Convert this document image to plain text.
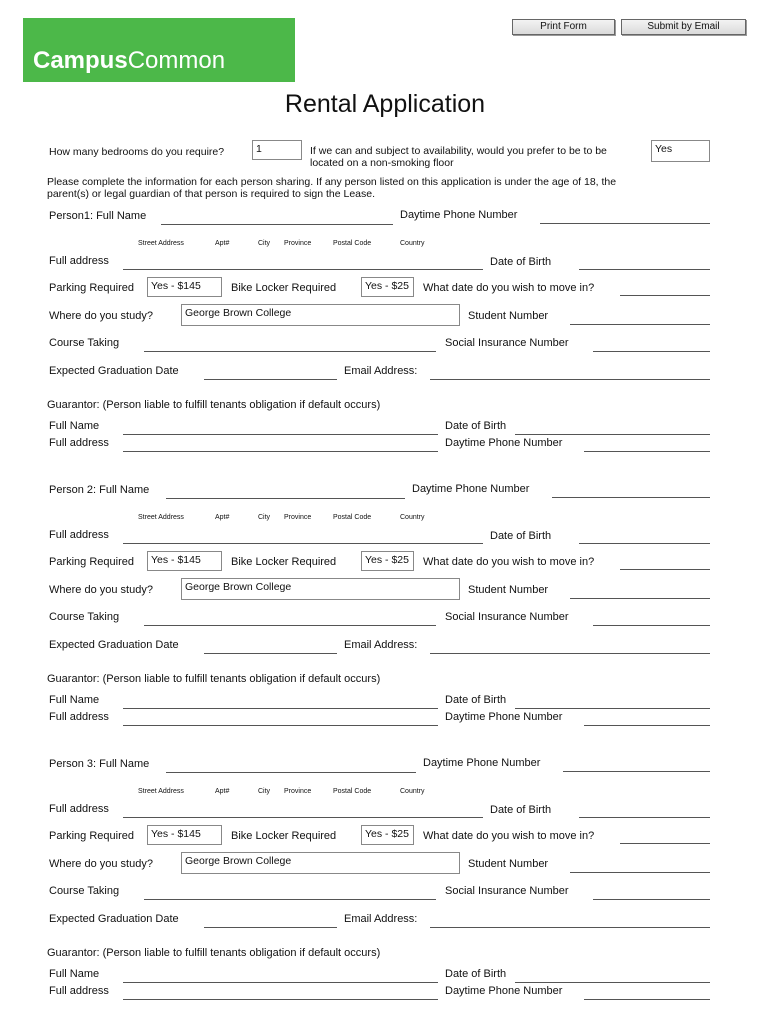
Print Form	Submit by Email
CampusCommon
Rental Application
How many bedrooms do you require?	1	If we can and subject to availability, would you prefer to be to be
located on a non-smoking floor
Yes
Please complete the information for each person sharing. If any person listed on this application is under the age of 18, the
parent(s) or legal guardian of that person is required to sign the Lease.
Person1: Full Name	Daytime Phone Number
Street Address	Apt#	City Province	Postal Code	Country
Full address	Date of Birth
Parking Required	Yes - $145	Bike Locker Required	Yes - $25	What date do you wish to move in?
Where do you study?	George Brown College	Student Number
Course Taking	Social Insurance Number
Expected Graduation Date	Email Address:
Guarantor: (Person liable to fulfill tenants obligation if default occurs)
Full Name	Date of Birth
Full address	Daytime Phone Number
Person 2: Full Name	Daytime Phone Number
Street Address	Apt#	City Province	Postal Code	Country
Full address	Date of Birth
Parking Required	Yes - $145	Bike Locker Required	Yes - $25	What date do you wish to move in?
Where do you study?	George Brown College	Student Number
Course Taking	Social Insurance Number
Expected Graduation Date	Email Address:
Guarantor: (Person liable to fulfill tenants obligation if default occurs)
Full Name	Date of Birth
Full address	Daytime Phone Number
Person 3: Full Name	Daytime Phone Number
Street Address	Apt#	City Province	Postal Code	Country
Full address	Date of Birth
Parking Required	Yes - $145	Bike Locker Required	Yes - $25	What date do you wish to move in?
Where do you study?	George Brown College	Student Number
Course Taking	Social Insurance Number
Expected Graduation Date	Email Address:
Guarantor: (Person liable to fulfill tenants obligation if default occurs)
Full Name	Date of Birth
Full address	Daytime Phone Number
